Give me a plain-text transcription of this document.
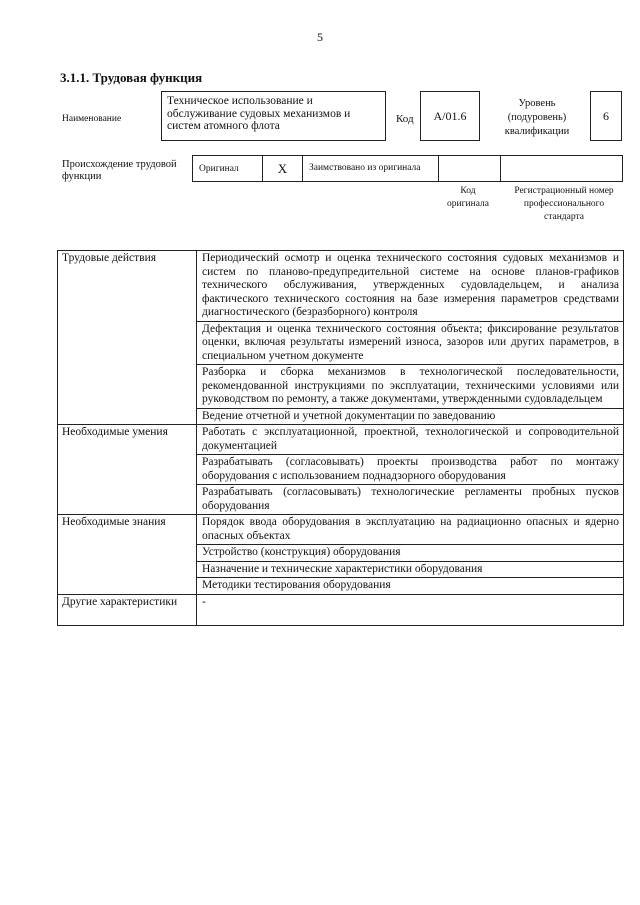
5
3.1.1. Трудовая функция
Наименование
Техническое использование и обслуживание судовых механизмов и систем атомного флота
Код	А/01.6
Уровень (подуровень) квалификации
6
Происхождение трудовой функции
Оригинал	Х	Заимствовано из оригинала		
Код оригинала
Регистрационный номер профессионального стандарта
Трудовые действия	Периодический осмотр и оценка технического состояния судовых механизмов и систем по планово-предупредительной системе на основе планов-графиков технического обслуживания, утвержденных судовладельцем, и анализа фактического технического состояния на базе измерения параметров средствами диагностического (безразборного) контроля
	Дефектация и оценка технического состояния объекта; фиксирование результатов оценки, включая результаты измерений износа, зазоров или других параметров, в специальном учетном документе
	Разборка и сборка механизмов в технологической последовательности, рекомендованной инструкциями по эксплуатации, техническими условиями или руководством по ремонту, а также документами, утвержденными судовладельцем
	Ведение отчетной и учетной документации по заведованию
Необходимые умения	Работать с эксплуатационной, проектной, технологической и сопроводительной документацией
	Разрабатывать (согласовывать) проекты производства работ по монтажу оборудования с использованием поднадзорного оборудования
	Разрабатывать (согласовывать) технологические регламенты пробных пусков оборудования
Необходимые знания	Порядок ввода оборудования в эксплуатацию на радиационно опасных и ядерно опасных объектах
	Устройство (конструкция) оборудования
	Назначение и технические характеристики оборудования
	Методики тестирования оборудования
Другие характеристики	-
